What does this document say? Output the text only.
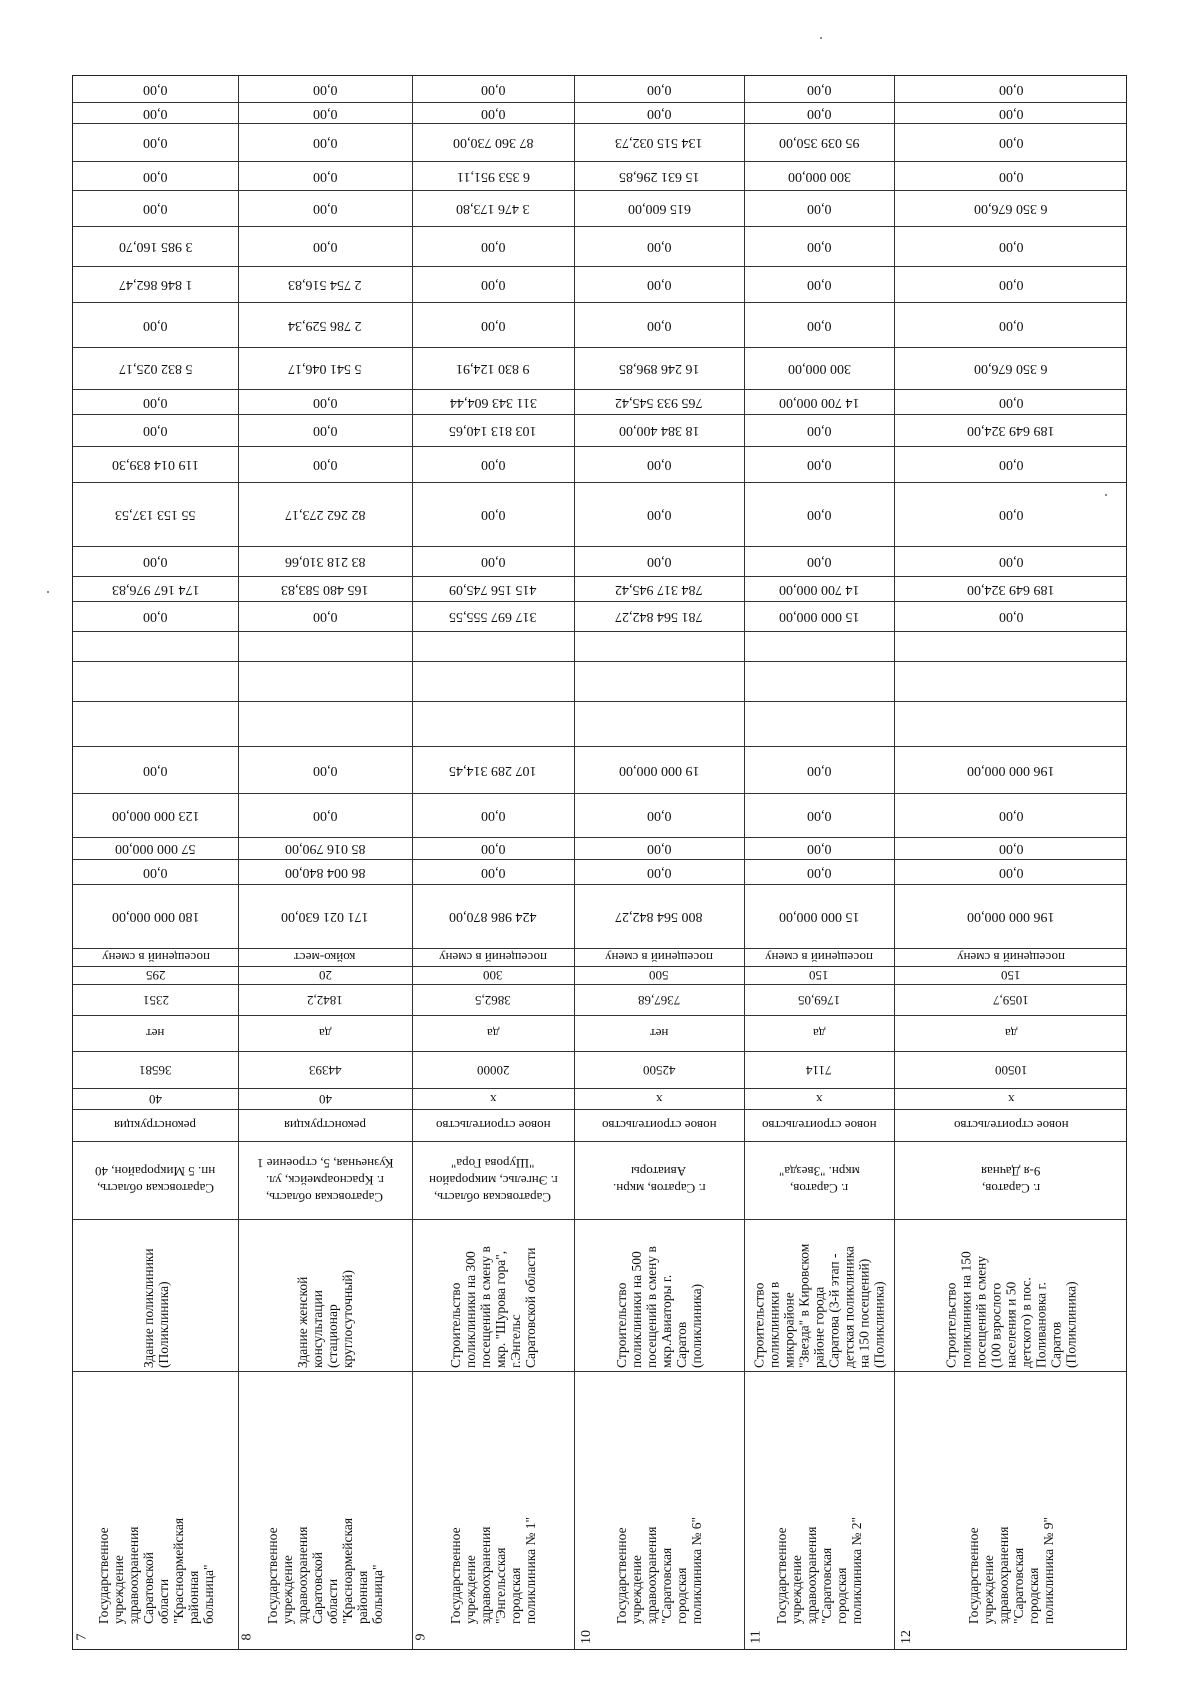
7
Государственное
учреждение
здравоохранения
Саратовской
области
"Красноармейская
районная
больница"
Здание поликлиники
(Поликлиника)
Саратовская область,
нп. 5 Микрорайон, 40
реконструкция
40
36581
нет
2351
295
посещений в смену
180 000 000,00
0,00
57 000 000,00
123 000 000,00
0,00
0,00
174 167 976,83
0,00
55 153 137,53
119 014 839,30
0,00
0,00
5 832 025,17
0,00
1 846 862,47
3 985 160,70
0,00
0,00
0,00
0,00
0,00
8
Государственное
учреждение
здравоохранения
Саратовской
области
"Красноармейская
районная
больница"
Здание женской
консультации
(стационар
круглосуточный)
Саратовская область,
г. Красноармейск, ул.
Кузнечная, 5, строение 1
реконструкция
40
44393
да
1842,2
20
койко-мест
171 021 630,00
86 004 840,00
85 016 790,00
0,00
0,00
0,00
165 480 583,83
83 218 310,66
82 262 273,17
0,00
0,00
0,00
5 541 046,17
2 786 529,34
2 754 516,83
0,00
0,00
0,00
0,00
0,00
0,00
9
Государственное
учреждение
здравоохранения
"Энгельсская
городская
поликлиника № 1"
Строительство
поликлиники на 300
посещений в смену в
мкр. "Шурова гора",
г.Энгельс
Саратовской области
Саратовская область,
г. Энгельс, микрорайон
"Шурова Гора"
новое строительство
х
20000
да
3862,5
300
посещений в смену
424 986 870,00
0,00
0,00
0,00
107 289 314,45
317 697 555,55
415 156 745,09
0,00
0,00
0,00
103 813 140,65
311 343 604,44
9 830 124,91
0,00
0,00
0,00
3 476 173,80
6 353 951,11
87 360 730,00
0,00
0,00
10
Государственное
учреждение
здравоохранения
"Саратовская
городская
поликлиника № 6"
Строительство
поликлиники на 500
посещений в смену в
мкр.Авиаторы г.
Саратов
(поликлиника)
г. Саратов, мкрн.
Авиаторы
новое строительство
х
42500
нет
7367,68
500
посещений в смену
800 564 842,27
0,00
0,00
0,00
19 000 000,00
781 564 842,27
784 317 945,42
0,00
0,00
0,00
18 384 400,00
765 933 545,42
16 246 896,85
0,00
0,00
0,00
615 600,00
15 631 296,85
134 515 032,73
0,00
0,00
11
Государственное
учреждение
здравоохранения
"Саратовская
городская
поликлиника № 2"
Строительство
поликлиники в
микрорайоне
"Звезда" в Кировском
районе города
Саратова (3-й этап -
детская поликлиника
на 150 посещений)
(Поликлиника)
г. Саратов,
мкрн. "Звезда"
новое строительство
х
7114
да
1769,05
150
посещений в смену
15 000 000,00
0,00
0,00
0,00
0,00
15 000 000,00
14 700 000,00
0,00
0,00
0,00
0,00
14 700 000,00
300 000,00
0,00
0,00
0,00
0,00
300 000,00
95 039 350,00
0,00
0,00
12
Государственное
учреждение
здравоохранения
"Саратовская
городская
поликлиника № 9"
Строительство
поликлиники на 150
посещений в смену
(100 взрослого
населения и 50
детского) в пос.
Поливановка г.
Саратов
(Поликлиника)
г. Саратов,
9-я Дачная
новое строительство
х
10500
да
1059,7
150
посещений в смену
196 000 000,00
0,00
0,00
0,00
196 000 000,00
0,00
189 649 324,00
0,00
0,00
0,00
189 649 324,00
0,00
6 350 676,00
0,00
0,00
0,00
6 350 676,00
0,00
0,00
0,00
0,00
